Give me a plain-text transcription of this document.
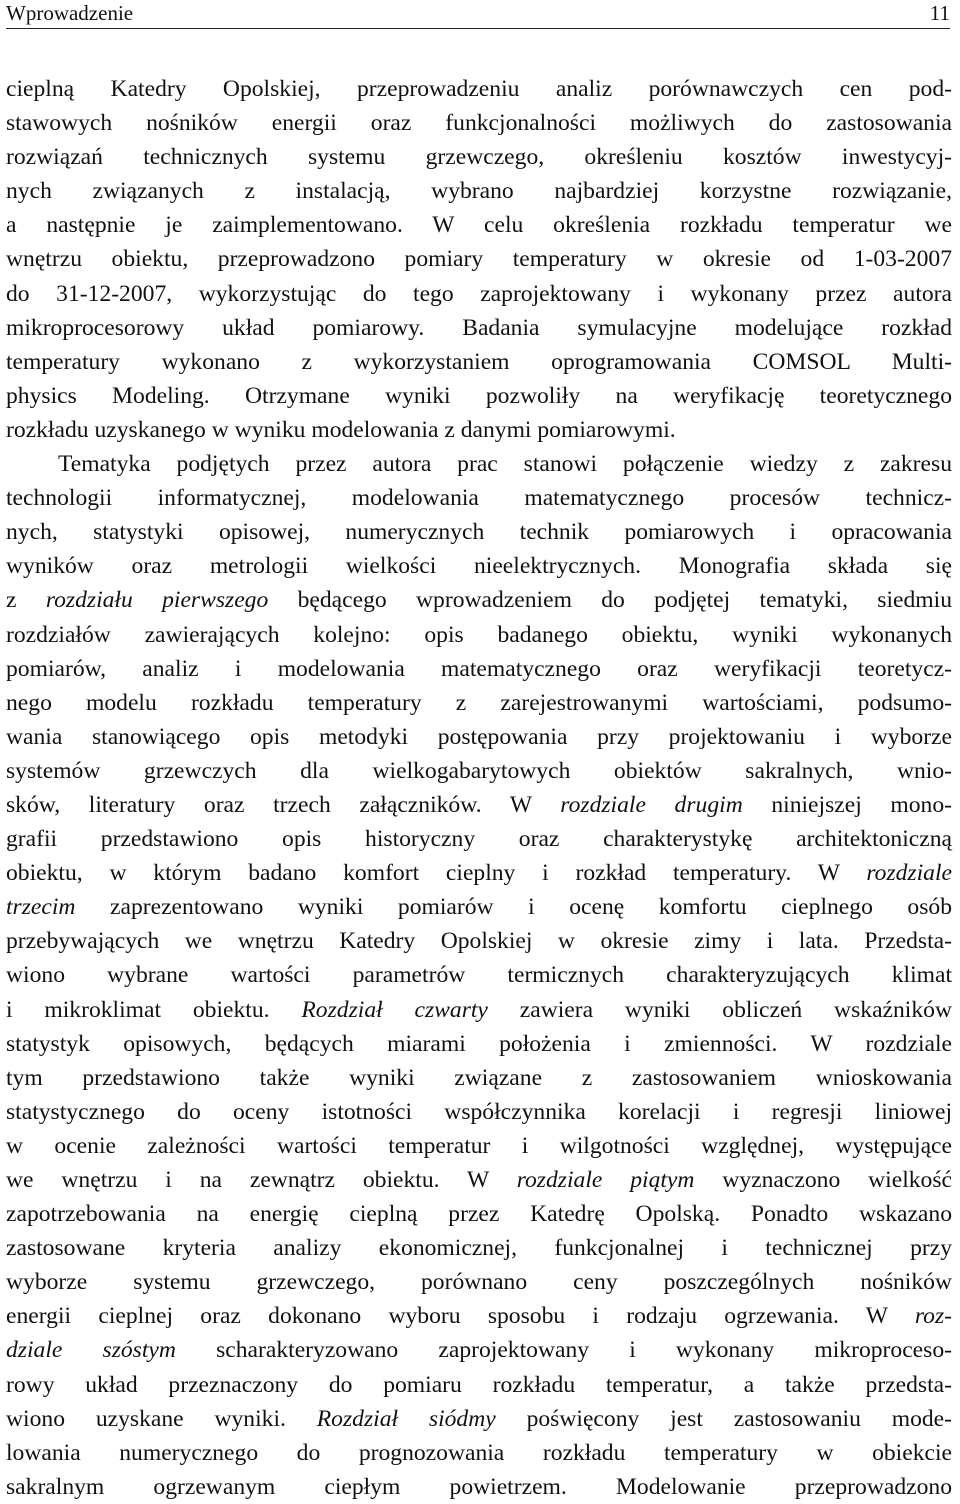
Wprowadzenie	11
cieplną Katedry Opolskiej, przeprowadzeniu analiz porównawczych cen pod-
stawowych nośników energii oraz funkcjonalności możliwych do zastosowania
rozwiązań technicznych systemu grzewczego, określeniu kosztów inwestycyj-
nych związanych z instalacją, wybrano najbardziej korzystne rozwiązanie,
a następnie je zaimplementowano. W celu określenia rozkładu temperatur we
wnętrzu obiektu, przeprowadzono pomiary temperatury w okresie od 1-03-2007
do 31-12-2007, wykorzystując do tego zaprojektowany i wykonany przez autora
mikroprocesorowy układ pomiarowy. Badania symulacyjne modelujące rozkład
temperatury wykonano z wykorzystaniem oprogramowania COMSOL Multi-
physics Modeling. Otrzymane wyniki pozwoliły na weryfikację teoretycznego
rozkładu uzyskanego w wyniku modelowania z danymi pomiarowymi.
Tematyka podjętych przez autora prac stanowi połączenie wiedzy z zakresu
technologii informatycznej, modelowania matematycznego procesów technicz-
nych, statystyki opisowej, numerycznych technik pomiarowych i opracowania
wyników oraz metrologii wielkości nieelektrycznych. Monografia składa się
z rozdziału pierwszego będącego wprowadzeniem do podjętej tematyki, siedmiu
rozdziałów zawierających kolejno: opis badanego obiektu, wyniki wykonanych
pomiarów, analiz i modelowania matematycznego oraz weryfikacji teoretycz-
nego modelu rozkładu temperatury z zarejestrowanymi wartościami, podsumo-
wania stanowiącego opis metodyki postępowania przy projektowaniu i wyborze
systemów grzewczych dla wielkogabarytowych obiektów sakralnych, wnio-
sków, literatury oraz trzech załączników. W rozdziale drugim niniejszej mono-
grafii przedstawiono opis historyczny oraz charakterystykę architektoniczną
obiektu, w którym badano komfort cieplny i rozkład temperatury. W rozdziale
trzecim zaprezentowano wyniki pomiarów i ocenę komfortu cieplnego osób
przebywających we wnętrzu Katedry Opolskiej w okresie zimy i lata. Przedsta-
wiono wybrane wartości parametrów termicznych charakteryzujących klimat
i mikroklimat obiektu. Rozdział czwarty zawiera wyniki obliczeń wskaźników
statystyk opisowych, będących miarami położenia i zmienności. W rozdziale
tym przedstawiono także wyniki związane z zastosowaniem wnioskowania
statystycznego do oceny istotności współczynnika korelacji i regresji liniowej
w ocenie zależności wartości temperatur i wilgotności względnej, występujące
we wnętrzu i na zewnątrz obiektu. W rozdziale piątym wyznaczono wielkość
zapotrzebowania na energię cieplną przez Katedrę Opolską. Ponadto wskazano
zastosowane kryteria analizy ekonomicznej, funkcjonalnej i technicznej przy
wyborze systemu grzewczego, porównano ceny poszczególnych nośników
energii cieplnej oraz dokonano wyboru sposobu i rodzaju ogrzewania. W roz-
dziale szóstym scharakteryzowano zaprojektowany i wykonany mikroproceso-
rowy układ przeznaczony do pomiaru rozkładu temperatur, a także przedsta-
wiono uzyskane wyniki. Rozdział siódmy poświęcony jest zastosowaniu mode-
lowania numerycznego do prognozowania rozkładu temperatury w obiekcie
sakralnym ogrzewanym ciepłym powietrzem. Modelowanie przeprowadzono
